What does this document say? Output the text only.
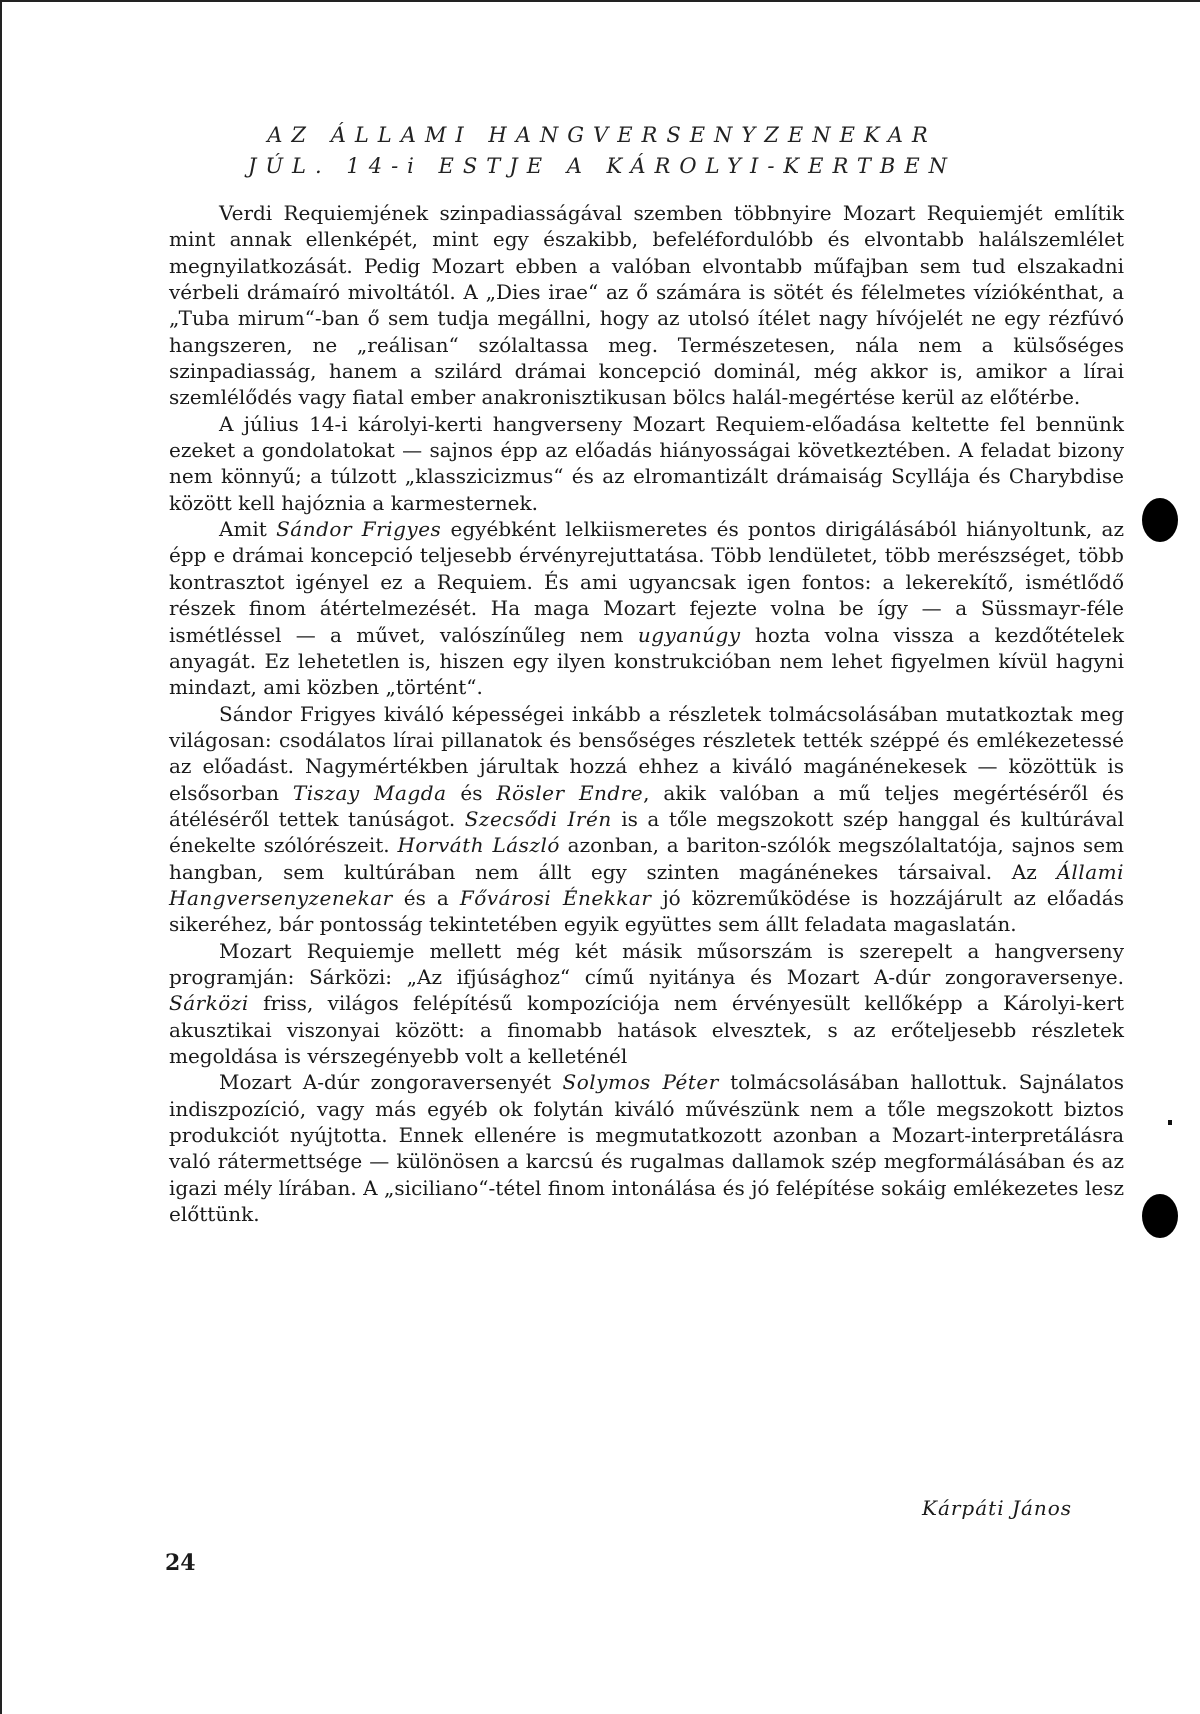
AZ ÁLLAMI HANGVERSENYZENEKAR
JÚL. 14-i ESTJE A KÁROLYI-KERTBEN

Verdi Requiemjének szinpadiasságával szemben többnyire Mozart Requiemjét említik mint annak ellenképét, mint egy északibb, befeléfordulóbb és elvontabb halálszemlélet megnyilatkozását. Pedig Mozart ebben a valóban elvontabb műfajban sem tud elszakadni vérbeli drámaíró mivoltától. A „Dies irae“ az ő számára is sötét és félelmetes víziókénthat, a „Tuba mirum“-ban ő sem tudja megállni, hogy az utolsó ítélet nagy hívójelét ne egy rézfúvó hangszeren, ne „reálisan“ szólaltassa meg. Természetesen, nála nem a külsőséges szinpadiasság, hanem a szilárd drámai koncepció dominál, még akkor is, amikor a lírai szemlélődés vagy fiatal ember anakronisztikusan bölcs halál-megértése kerül az előtérbe.

A július 14-i károlyi-kerti hangverseny Mozart Requiem-előadása keltette fel bennünk ezeket a gondolatokat — sajnos épp az előadás hiányosságai következtében. A feladat bizony nem könnyű; a túlzott „klasszicizmus“ és az elromantizált drámaiság Scyllája és Charybdise között kell hajóznia a karmesternek.

Amit Sándor Frigyes egyébként lelkiismeretes és pontos dirigálásából hiányoltunk, az épp e drámai koncepció teljesebb érvényrejuttatása. Több lendületet, több merészséget, több kontrasztot igényel ez a Requiem. És ami ugyancsak igen fontos: a lekerekítő, ismétlődő részek finom átértelmezését. Ha maga Mozart fejezte volna be így — a Süssmayr-féle ismétléssel — a művet, valószínűleg nem ugyanúgy hozta volna vissza a kezdőtételek anyagát. Ez lehetetlen is, hiszen egy ilyen konstrukcióban nem lehet figyelmen kívül hagyni mindazt, ami közben „történt“.

Sándor Frigyes kiváló képességei inkább a részletek tolmácsolásában mutatkoztak meg világosan: csodálatos lírai pillanatok és bensőséges részletek tették széppé és emlékezetessé az előadást. Nagymértékben járultak hozzá ehhez a kiváló magánénekesek — közöttük is elsősorban Tiszay Magda és Rösler Endre, akik valóban a mű teljes megértéséről és átéléséről tettek tanúságot. Szecsődi Irén is a tőle megszokott szép hanggal és kultúrával énekelte szólórészeit. Horváth László azonban, a bariton-szólók megszólaltatója, sajnos sem hangban, sem kultúrában nem állt egy szinten magánénekes társaival. Az Állami Hangversenyzenekar és a Fővárosi Énekkar jó közreműködése is hozzájárult az előadás sikeréhez, bár pontosság tekintetében egyik együttes sem állt feladata magaslatán.

Mozart Requiemje mellett még két másik műsorszám is szerepelt a hangverseny programján: Sárközi: „Az ifjúsághoz“ című nyitánya és Mozart A-dúr zongoraversenye. Sárközi friss, világos felépítésű kompozíciója nem érvényesült kellőképp a Károlyi-kert akusztikai viszonyai között: a finomabb hatások elvesztek, s az erőteljesebb részletek megoldása is vérszegényebb volt a kelleténél

Mozart A-dúr zongoraversenyét Solymos Péter tolmácsolásában hallottuk. Sajnálatos indiszpozíció, vagy más egyéb ok folytán kiváló művészünk nem a tőle megszokott biztos produkciót nyújtotta. Ennek ellenére is megmutatkozott azonban a Mozart-interpretálásra való rátermettsége — különösen a karcsú és rugalmas dallamok szép megformálásában és az igazi mély lírában. A „siciliano“-tétel finom intonálása és jó felépítése sokáig emlékezetes lesz előttünk.

Kárpáti János
24
